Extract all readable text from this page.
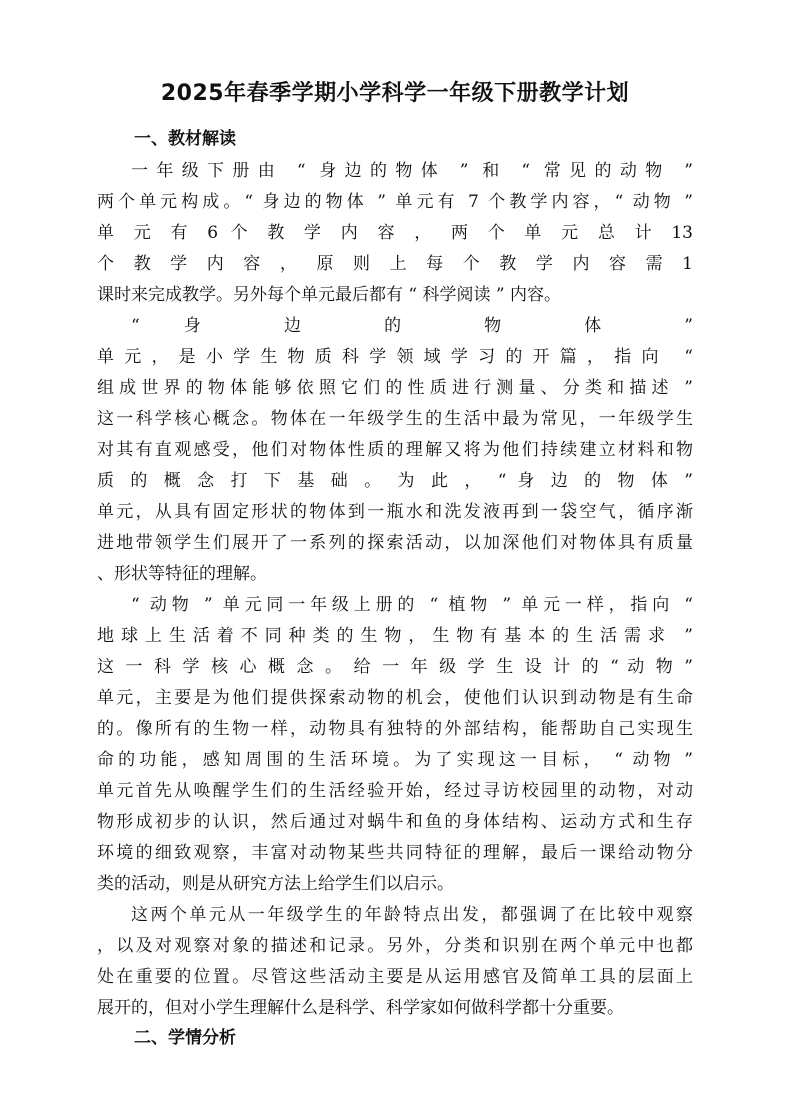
2025年春季学期小学科学一年级下册教学计划
一、教材解读
一年级下册由 “ 身边的物体 ” 和 “ 常见的动物 ”
两个单元构成。“ 身边的物体 ” 单元有 7 个教学内容，“ 动物 ”
单 元 有 6 个 教 学 内 容 ， 两 个 单 元 总 计 13
个 教 学 内 容 ， 原 则 上 每 个 教 学 内 容 需 1
课时来完成教学。另外每个单元最后都有 “ 科学阅读 ” 内容。
“ 身 边 的 物 体 ”
单元，是小学生物质科学领域学习的开篇，指向 “
组成世界的物体能够依照它们的性质进行测量、分类和描述 ”
这一科学核心概念。物体在一年级学生的生活中最为常见，一年级学生
对其有直观感受，他们对物体性质的理解又将为他们持续建立材料和物
质 的 概 念 打 下 基 础 。 为 此 ， “ 身 边 的 物 体 ”
单元，从具有固定形状的物体到一瓶水和洗发液再到一袋空气，循序渐
进地带领学生们展开了一系列的探索活动，以加深他们对物体具有质量
、形状等特征的理解。
“ 动物 ” 单元同一年级上册的 “ 植物 ” 单元一样，指向 “
地球上生活着不同种类的生物，生物有基本的生活需求 ”
这 一 科 学 核 心 概 念 。 给 一 年 级 学 生 设 计 的 “ 动 物 ”
单元，主要是为他们提供探索动物的机会，使他们认识到动物是有生命
的。像所有的生物一样，动物具有独特的外部结构，能帮助自己实现生
命的功能，感知周围的生活环境。为了实现这一目标， “ 动物 ”
单元首先从唤醒学生们的生活经验开始，经过寻访校园里的动物，对动
物形成初步的认识，然后通过对蜗牛和鱼的身体结构、运动方式和生存
环境的细致观察，丰富对动物某些共同特征的理解，最后一课给动物分
类的活动，则是从研究方法上给学生们以启示。
这两个单元从一年级学生的年龄特点出发，都强调了在比较中观察
，以及对观察对象的描述和记录。另外，分类和识别在两个单元中也都
处在重要的位置。尽管这些活动主要是从运用感官及简单工具的层面上
展开的，但对小学生理解什么是科学、科学家如何做科学都十分重要。
二、学情分析
